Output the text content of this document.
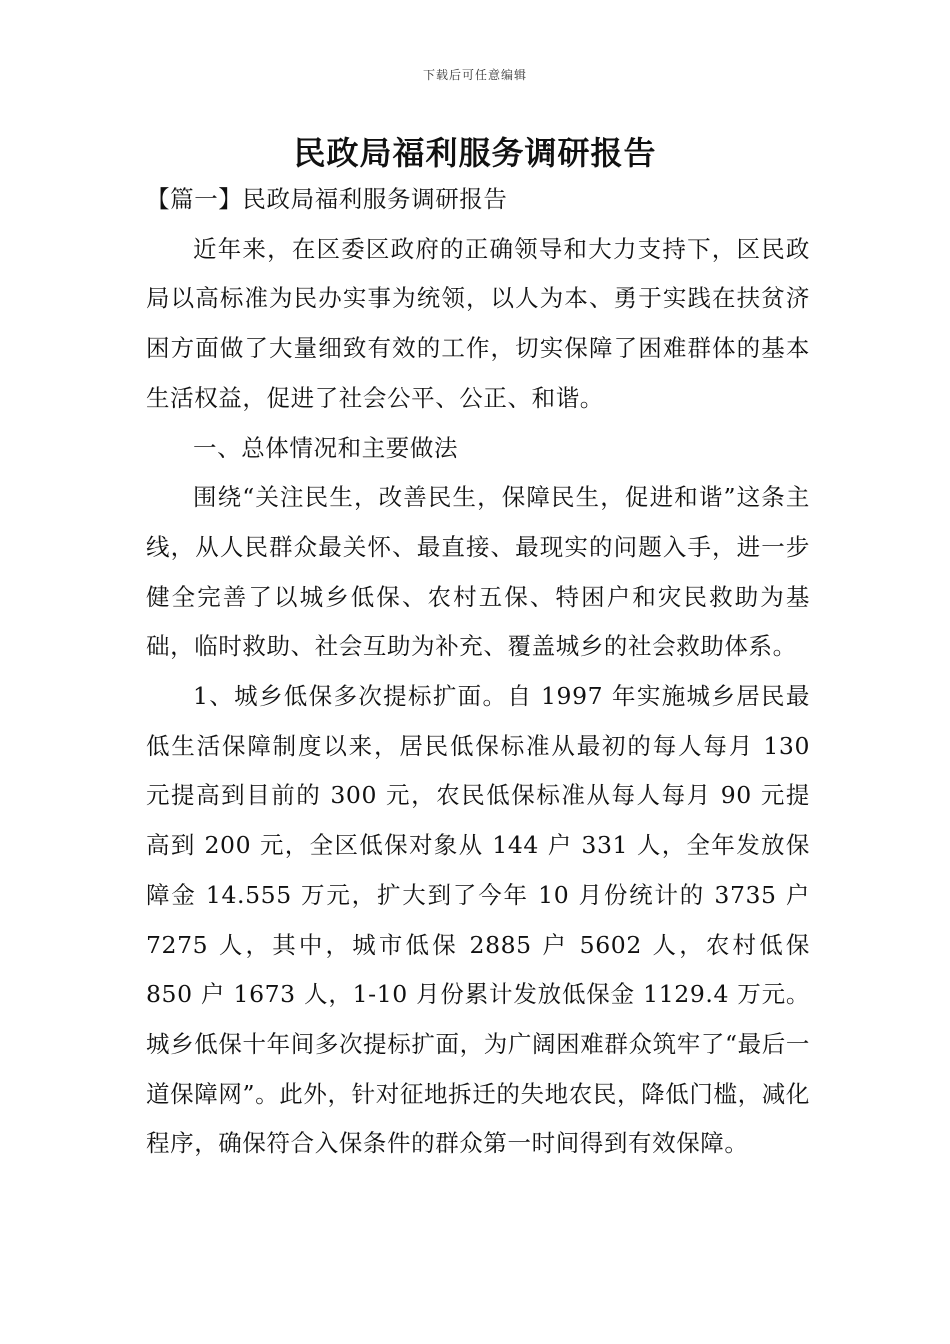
下载后可任意编辑
民政局福利服务调研报告

【篇一】民政局福利服务调研报告

近年来，在区委区政府的正确领导和大力支持下，区民政局以高标准为民办实事为统领，以人为本、勇于实践在扶贫济困方面做了大量细致有效的工作，切实保障了困难群体的基本生活权益，促进了社会公平、公正、和谐。

一、总体情况和主要做法

围绕“关注民生，改善民生，保障民生，促进和谐”这条主线，从人民群众最关怀、最直接、最现实的问题入手，进一步健全完善了以城乡低保、农村五保、特困户和灾民救助为基础，临时救助、社会互助为补充、覆盖城乡的社会救助体系。

1、城乡低保多次提标扩面。自 1997 年实施城乡居民最低生活保障制度以来，居民低保标准从最初的每人每月 130 元提高到目前的 300 元，农民低保标准从每人每月 90 元提高到 200 元，全区低保对象从 144 户 331 人，全年发放保障金 14.555 万元，扩大到了今年 10 月份统计的 3735 户 7275 人，其中，城市低保 2885 户 5602 人，农村低保 850 户 1673 人，1-10 月份累计发放低保金 1129.4 万元。城乡低保十年间多次提标扩面，为广阔困难群众筑牢了“最后一道保障网”。此外，针对征地拆迁的失地农民，降低门槛，减化程序，确保符合入保条件的群众第一时间得到有效保障。
